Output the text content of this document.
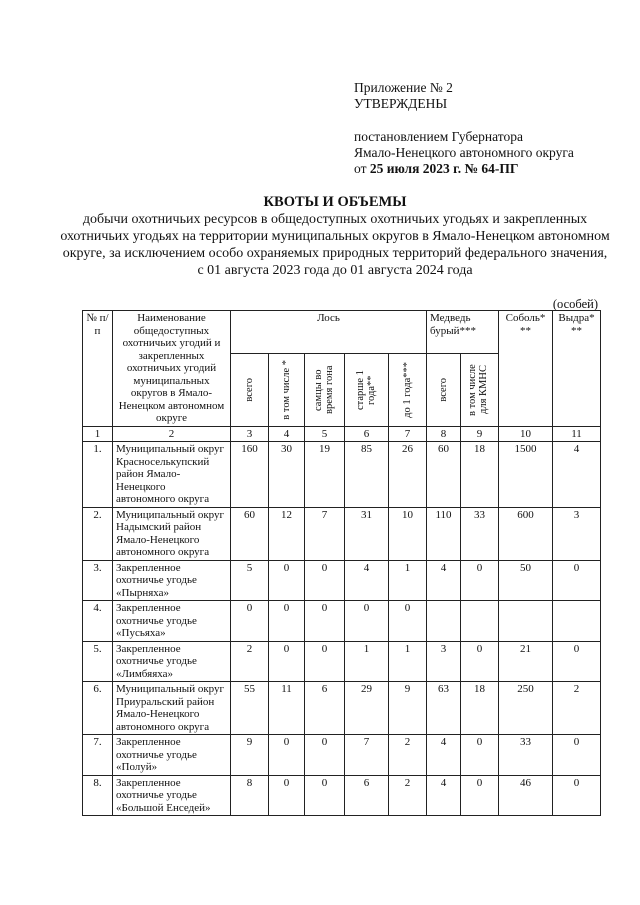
Приложение № 2
УТВЕРЖДЕНЫ
постановлением Губернатора
Ямало-Ненецкого автономного округа
от 25 июля 2023 г. № 64-ПГ
КВОТЫ И ОБЪЕМЫ
добычи охотничьих ресурсов в общедоступных охотничьих угодьях и закрепленных охотничьих угодьях на территории муниципальных округов в Ямало-Ненецком автономном округе, за исключением особо охраняемых природных территорий федерального значения, с 01 августа 2023 года до 01 августа 2024 года
(особей)
№ п/п	Наименование общедоступных охотничьих угодий и закрепленных охотничьих угодий муниципальных округов в Ямало-Ненецком автономном округе	Лось					Медведь бурый***		Соболь* **	Выдра* **

		всего	в том числе *	самцы во время гона	старше 1 года**	до 1 года***	всего	в том числе для КМНС		

1	2	3	4	5	6	7	8	9	10	11
1.	Муниципальный округ Красноселькупский район Ямало-Ненецкого автономного округа	160	30	19	85	26	60	18	1500	4
2.	Муниципальный округ Надымский район Ямало-Ненецкого автономного округа	60	12	7	31	10	110	33	600	3
3.	Закрепленное охотничье угодье «Пырняха»	5	0	0	4	1	4	0	50	0
4.	Закрепленное охотничье угодье «Пусьяха»	0	0	0	0	0				
5.	Закрепленное охотничье угодье «Лимбяяха»	2	0	0	1	1	3	0	21	0
6.	Муниципальный округ Приуральский район Ямало-Ненецкого автономного округа	55	11	6	29	9	63	18	250	2
7.	Закрепленное охотничье угодье «Полуй»	9	0	0	7	2	4	0	33	0
8.	Закрепленное охотничье угодье «Большой Енседей»	8	0	0	6	2	4	0	46	0
